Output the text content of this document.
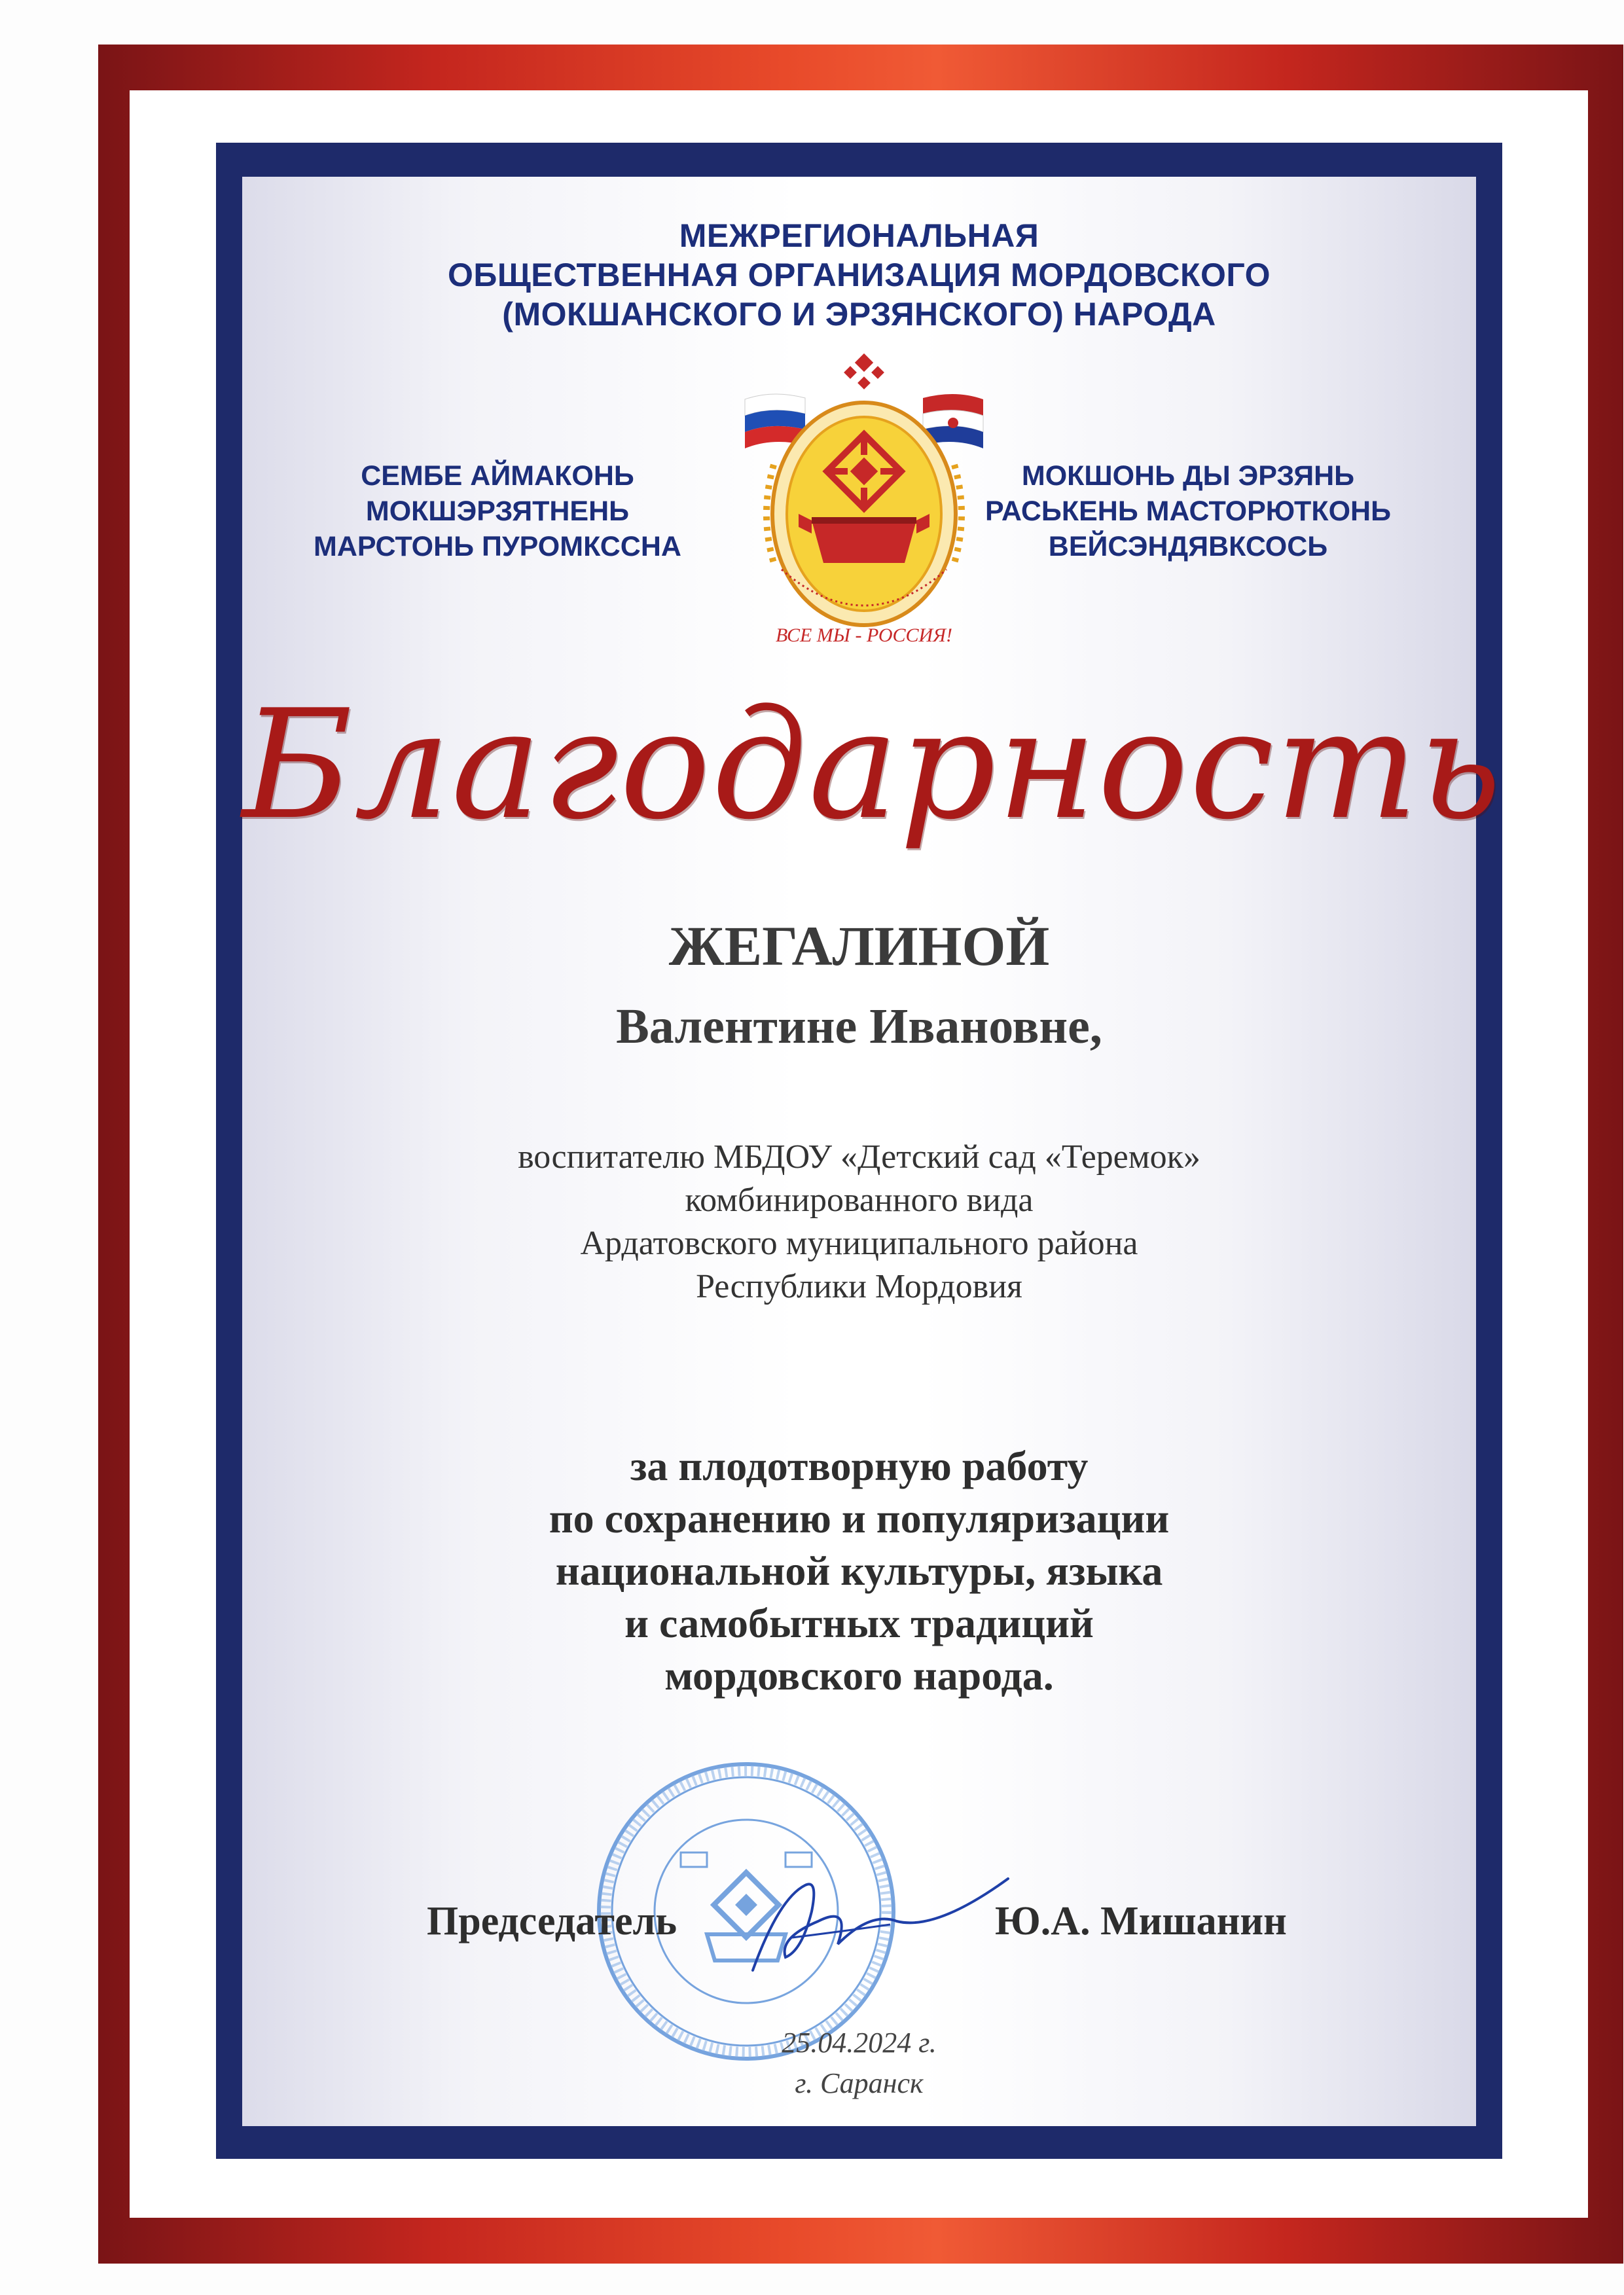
МЕЖРЕГИОНАЛЬНАЯ
ОБЩЕСТВЕННАЯ ОРГАНИЗАЦИЯ МОРДОВСКОГО
(МОКШАНСКОГО И ЭРЗЯНСКОГО) НАРОДА
СЕМБЕ АЙМАКОНЬ
МОКШЭРЗЯТНЕНЬ
МАРСТОНЬ ПУРОМКССНА
МОКШОНЬ ДЫ ЭРЗЯНЬ
РАСЬКЕНЬ МАСТОРЮТКОНЬ
ВЕЙСЭНДЯВКСОСЬ
ВСЕ МЫ - РОССИЯ!
Благодарность
ЖЕГАЛИНОЙ
Валентине Ивановне,
воспитателю МБДОУ «Детский сад «Теремок»
комбинированного вида
Ардатовского муниципального района
Республики Мордовия
за плодотворную работу
по сохранению и популяризации
национальной культуры, языка
и самобытных традиций
мордовского народа.
Председатель	Ю.А. Мишанин
25.04.2024 г.
г. Саранск
